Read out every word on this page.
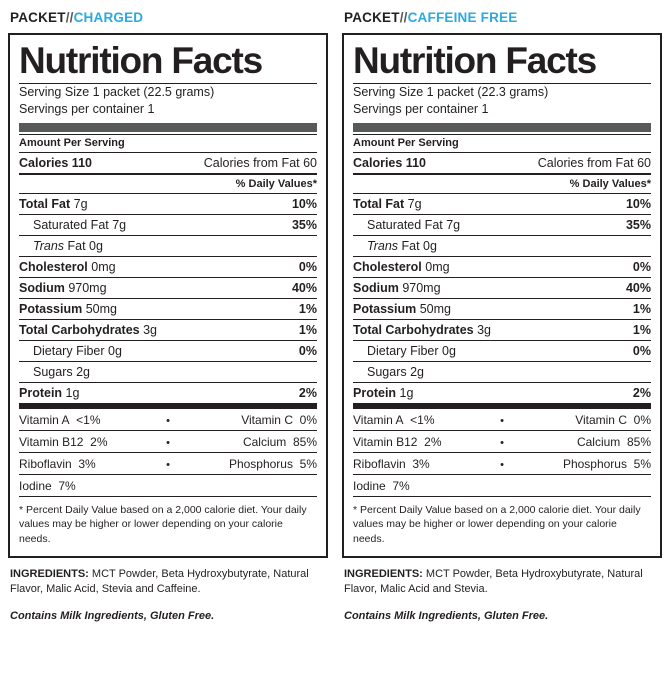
PACKET//CHARGED
Nutrition Facts
Serving Size 1 packet (22.5 grams)
Servings per container 1
Amount Per Serving
Calories 110	Calories from Fat 60
% Daily Values*
Total Fat 7g	10%
Saturated Fat 7g	35%
Trans Fat 0g
Cholesterol 0mg	0%
Sodium 970mg	40%
Potassium 50mg	1%
Total Carbohydrates 3g	1%
Dietary Fiber 0g	0%
Sugars 2g
Protein 1g	2%
Vitamin A <1%	•	Vitamin C 0%
Vitamin B12 2%	•	Calcium 85%
Riboflavin 3%	•	Phosphorus 5%
Iodine 7%
* Percent Daily Value based on a 2,000 calorie diet. Your daily values may be higher or lower depending on your calorie needs.
INGREDIENTS: MCT Powder, Beta Hydroxybutyrate, Natural Flavor, Malic Acid, Stevia and Caffeine.
Contains Milk Ingredients, Gluten Free.
PACKET//CAFFEINE FREE
Nutrition Facts
Serving Size 1 packet (22.3 grams)
Servings per container 1
Amount Per Serving
Calories 110	Calories from Fat 60
% Daily Values*
Total Fat 7g	10%
Saturated Fat 7g	35%
Trans Fat 0g
Cholesterol 0mg	0%
Sodium 970mg	40%
Potassium 50mg	1%
Total Carbohydrates 3g	1%
Dietary Fiber 0g	0%
Sugars 2g
Protein 1g	2%
Vitamin A <1%	•	Vitamin C 0%
Vitamin B12 2%	•	Calcium 85%
Riboflavin 3%	•	Phosphorus 5%
Iodine 7%
* Percent Daily Value based on a 2,000 calorie diet. Your daily values may be higher or lower depending on your calorie needs.
INGREDIENTS: MCT Powder, Beta Hydroxybutyrate, Natural Flavor, Malic Acid and Stevia.
Contains Milk Ingredients, Gluten Free.
